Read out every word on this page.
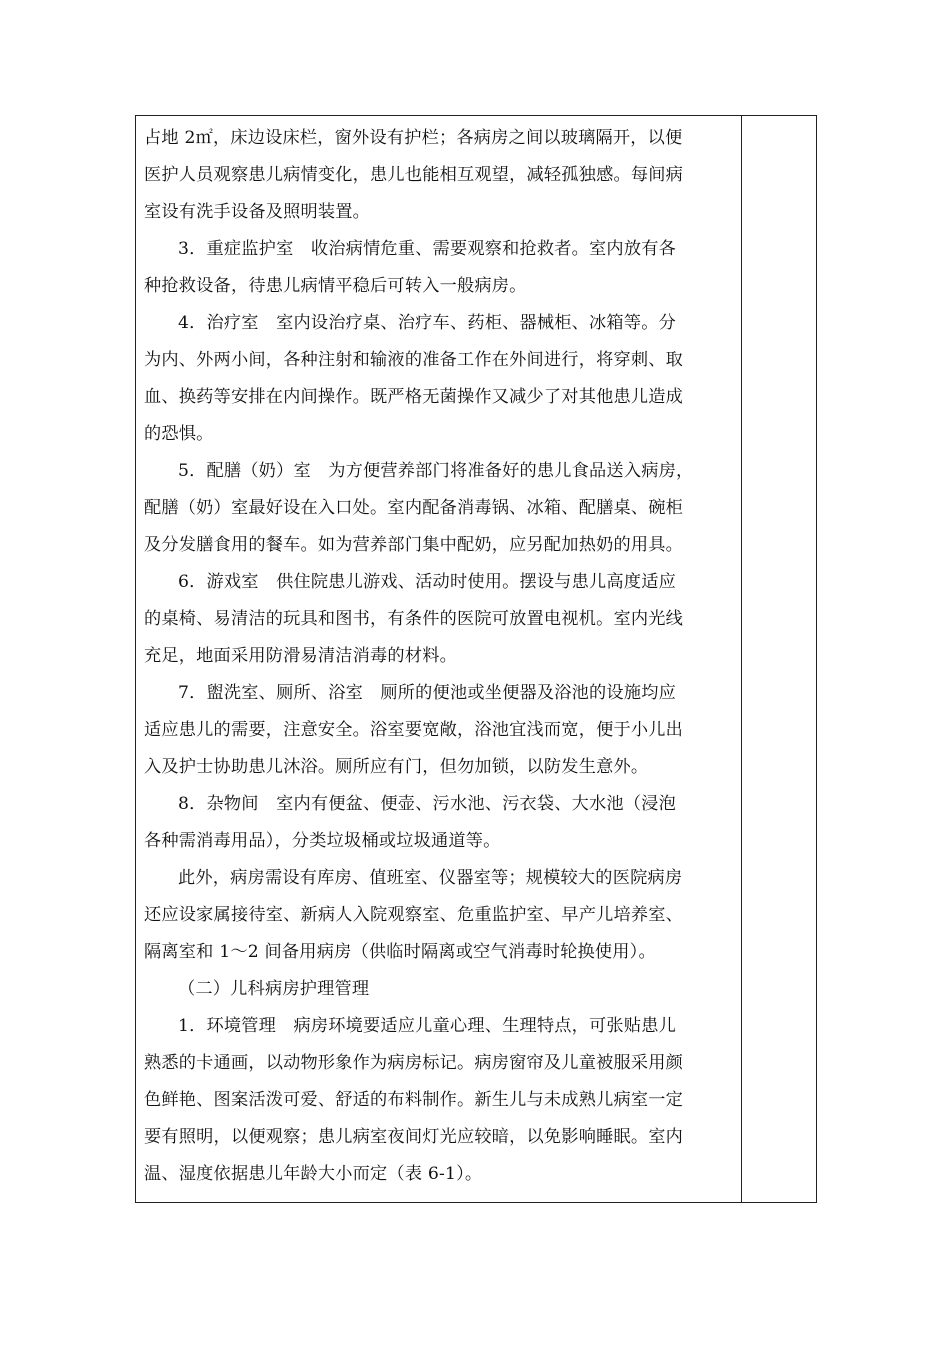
占地 2㎡，床边设床栏，窗外设有护栏；各病房之间以玻璃隔开，以便
医护人员观察患儿病情变化，患儿也能相互观望，减轻孤独感。每间病
室设有洗手设备及照明装置。
3．重症监护室　收治病情危重、需要观察和抢救者。室内放有各
种抢救设备，待患儿病情平稳后可转入一般病房。
4．治疗室　室内设治疗桌、治疗车、药柜、器械柜、冰箱等。分
为内、外两小间，各种注射和输液的准备工作在外间进行，将穿刺、取
血、换药等安排在内间操作。既严格无菌操作又减少了对其他患儿造成
的恐惧。
5．配膳（奶）室　为方便营养部门将准备好的患儿食品送入病房，
配膳（奶）室最好设在入口处。室内配备消毒锅、冰箱、配膳桌、碗柜
及分发膳食用的餐车。如为营养部门集中配奶，应另配加热奶的用具。
6．游戏室　供住院患儿游戏、活动时使用。摆设与患儿高度适应
的桌椅、易清洁的玩具和图书，有条件的医院可放置电视机。室内光线
充足，地面采用防滑易清洁消毒的材料。
7．盥洗室、厕所、浴室　厕所的便池或坐便器及浴池的设施均应
适应患儿的需要，注意安全。浴室要宽敞，浴池宜浅而宽，便于小儿出
入及护士协助患儿沐浴。厕所应有门，但勿加锁，以防发生意外。
8．杂物间　室内有便盆、便壶、污水池、污衣袋、大水池（浸泡
各种需消毒用品），分类垃圾桶或垃圾通道等。
此外，病房需设有库房、值班室、仪器室等；规模较大的医院病房
还应设家属接待室、新病人入院观察室、危重监护室、早产儿培养室、
隔离室和 1～2 间备用病房（供临时隔离或空气消毒时轮换使用）。
（二）儿科病房护理管理
1．环境管理　病房环境要适应儿童心理、生理特点，可张贴患儿
熟悉的卡通画，以动物形象作为病房标记。病房窗帘及儿童被服采用颜
色鲜艳、图案活泼可爱、舒适的布料制作。新生儿与未成熟儿病室一定
要有照明，以便观察；患儿病室夜间灯光应较暗，以免影响睡眠。室内
温、湿度依据患儿年龄大小而定（表 6-1）。
